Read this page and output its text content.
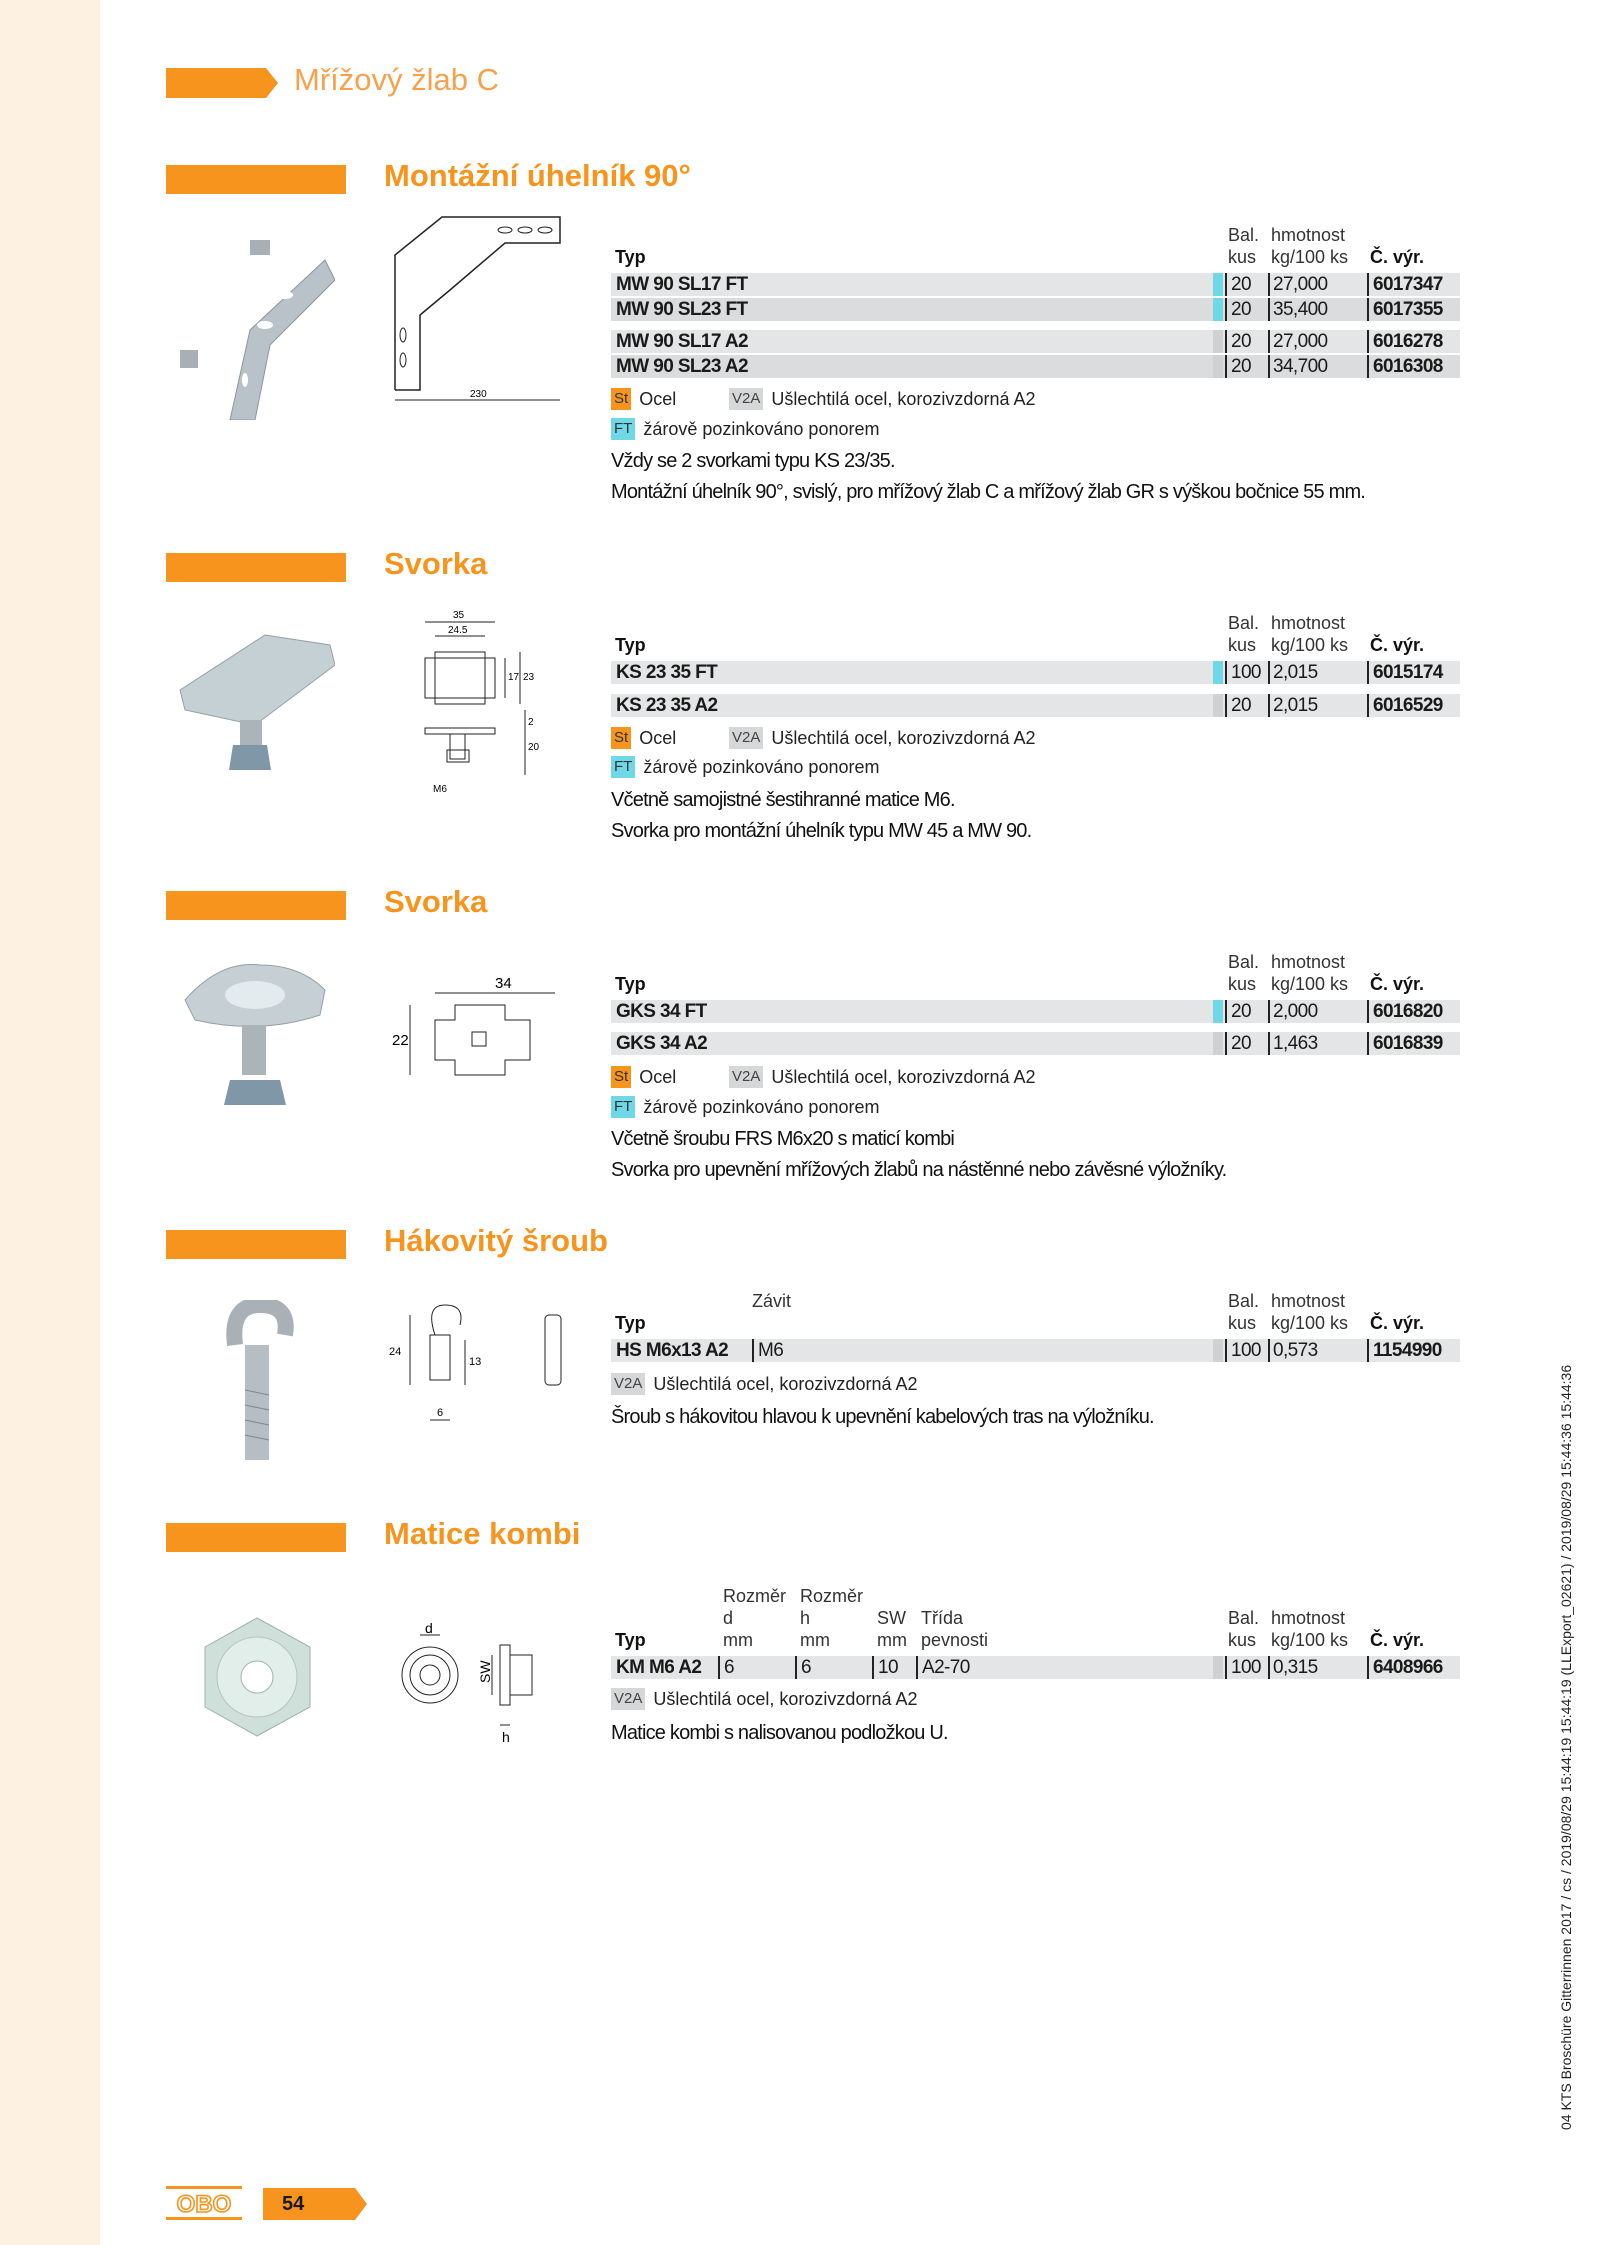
Mřížový žlab C
Montážní úhelník 90°
230
Bal. hmotnost
Typ	kus kg/100 ks Č. výr.
MW 90 SL17 FT	20 27,000	6017347
MW 90 SL23 FT	20 35,400	6017355
MW 90 SL17 A2	20 27,000	6016278
MW 90 SL23 A2	20 34,700	6016308
St Ocel	V2A Ušlechtilá ocel, korozivzdorná A2
FT žárově pozinkováno ponorem
Vždy se 2 svorkami typu KS 23/35.
Montážní úhelník 90°, svislý, pro mřížový žlab C a mřížový žlab GR s výškou bočnice 55 mm.
Svorka
35
24.5
17 23
2
20
M6
Bal. hmotnost
Typ	kus kg/100 ks Č. výr.
KS 23 35 FT	100 2,015	6015174
KS 23 35 A2	20 2,015	6016529
St Ocel	V2A Ušlechtilá ocel, korozivzdorná A2
FT žárově pozinkováno ponorem
Včetně samojistné šestihranné matice M6.
Svorka pro montážní úhelník typu MW 45 a MW 90.
Svorka
34
22
Bal. hmotnost
Typ	kus kg/100 ks Č. výr.
GKS 34 FT	20 2,000	6016820
GKS 34 A2	20 1,463	6016839
St Ocel	V2A Ušlechtilá ocel, korozivzdorná A2
FT žárově pozinkováno ponorem
Včetně šroubu FRS M6x20 s maticí kombi
Svorka pro upevnění mřížových žlabů na nástěnné nebo závěsné výložníky.
Hákovitý šroub
24
13
6
Závit	Bal. hmotnost
Typ	kus kg/100 ks Č. výr.
HS M6x13 A2	M6	100 0,573	1154990
V2A Ušlechtilá ocel, korozivzdorná A2
Šroub s hákovitou hlavou k upevnění kabelových tras na výložníku.
Matice kombi
d
SW
h
Rozměr Rozměr
d	h	SW Třída	Bal. hmotnost
Typ	mm	mm	mm pevnosti	kus kg/100 ks Č. výr.
KM M6 A2	6	6	10	A2-70	100 0,315	6408966
V2A Ušlechtilá ocel, korozivzdorná A2
Matice kombi s nalisovanou podložkou U.	04 KTS Broschüre Gitterrinnen 2017 / cs / 2019/08/29 15:44:19 15:44:19 (LLExport_02621) / 2019/08/29 15:44:36 15:44:36
OBO	54
